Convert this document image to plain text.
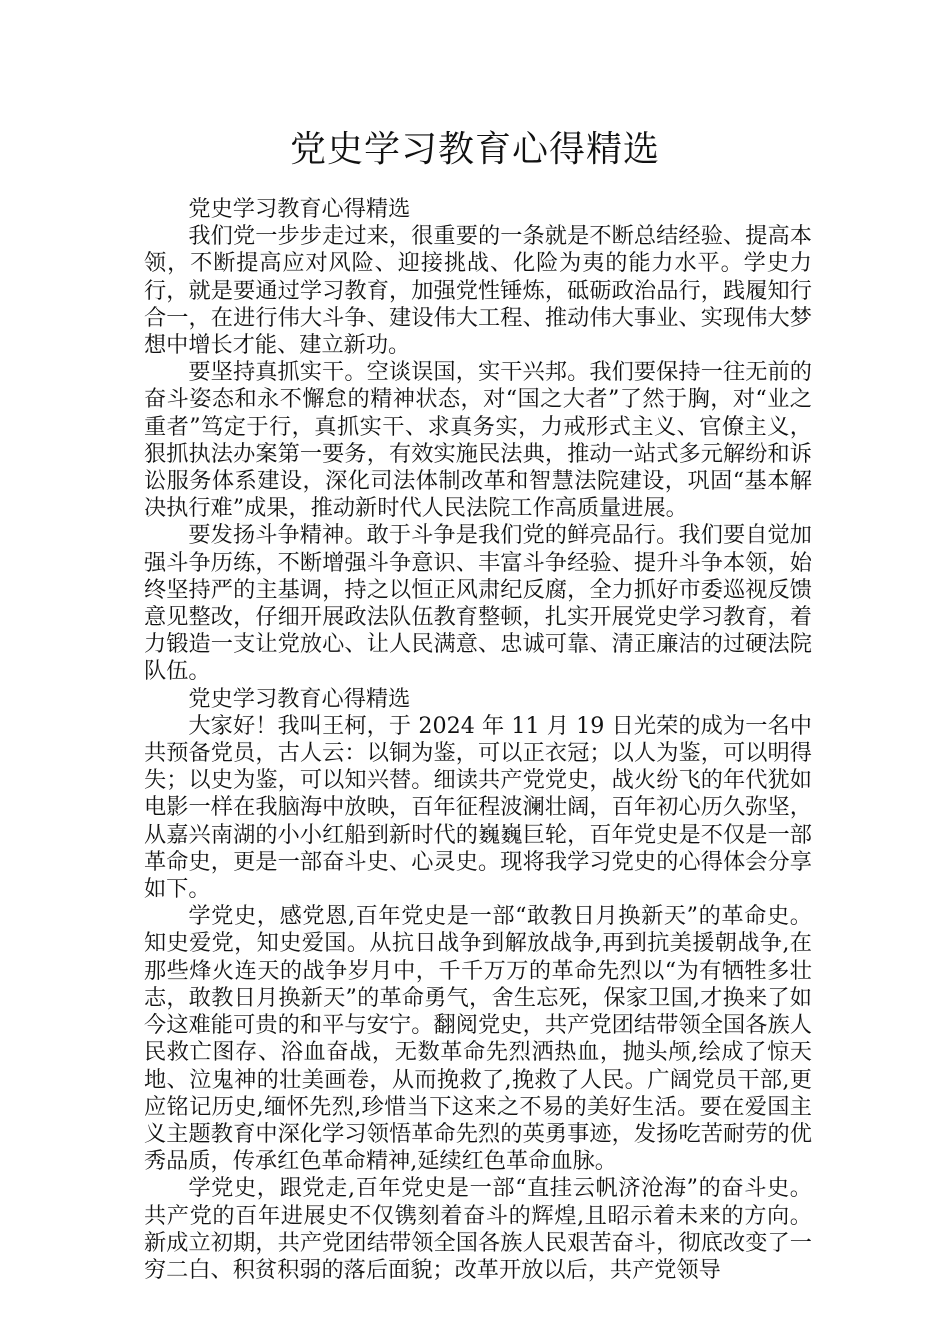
党史学习教育心得精选

党史学习教育心得精选

我们党一步步走过来，很重要的一条就是不断总结经验、提高本领，不断提高应对风险、迎接挑战、化险为夷的能力水平。学史力行，就是要通过学习教育，加强党性锤炼，砥砺政治品行，践履知行合一，在进行伟大斗争、建设伟大工程、推动伟大事业、实现伟大梦想中增长才能、建立新功。

要坚持真抓实干。空谈误国，实干兴邦。我们要保持一往无前的奋斗姿态和永不懈怠的精神状态，对“国之大者”了然于胸，对“业之重者”笃定于行，真抓实干、求真务实，力戒形式主义、官僚主义，狠抓执法办案第一要务，有效实施民法典，推动一站式多元解纷和诉讼服务体系建设，深化司法体制改革和智慧法院建设，巩固“基本解决执行难”成果，推动新时代人民法院工作高质量进展。

要发扬斗争精神。敢于斗争是我们党的鲜亮品行。我们要自觉加强斗争历练，不断增强斗争意识、丰富斗争经验、提升斗争本领，始终坚持严的主基调，持之以恒正风肃纪反腐，全力抓好市委巡视反馈意见整改，仔细开展政法队伍教育整顿，扎实开展党史学习教育，着力锻造一支让党放心、让人民满意、忠诚可靠、清正廉洁的过硬法院队伍。

党史学习教育心得精选

大家好！我叫王柯，于 2024 年 11 月 19 日光荣的成为一名中共预备党员，古人云：以铜为鉴，可以正衣冠；以人为鉴，可以明得失；以史为鉴，可以知兴替。细读共产党党史，战火纷飞的年代犹如电影一样在我脑海中放映，百年征程波澜壮阔，百年初心历久弥坚，从嘉兴南湖的小小红船到新时代的巍巍巨轮，百年党史是不仅是一部革命史，更是一部奋斗史、心灵史。现将我学习党史的心得体会分享如下。

学党史，感党恩,百年党史是一部“敢教日月换新天”的革命史。知史爱党，知史爱国。从抗日战争到解放战争,再到抗美援朝战争,在那些烽火连天的战争岁月中，千千万万的革命先烈以“为有牺牲多壮志，敢教日月换新天”的革命勇气，舍生忘死，保家卫国,才换来了如今这难能可贵的和平与安宁。翻阅党史，共产党团结带领全国各族人民救亡图存、浴血奋战，无数革命先烈洒热血，抛头颅,绘成了惊天地、泣鬼神的壮美画卷，从而挽救了,挽救了人民。广阔党员干部,更应铭记历史,缅怀先烈,珍惜当下这来之不易的美好生活。要在爱国主义主题教育中深化学习领悟革命先烈的英勇事迹，发扬吃苦耐劳的优秀品质，传承红色革命精神,延续红色革命血脉。

学党史，跟党走,百年党史是一部“直挂云帆济沧海”的奋斗史。共产党的百年进展史不仅镌刻着奋斗的辉煌,且昭示着未来的方向。新成立初期，共产党团结带领全国各族人民艰苦奋斗，彻底改变了一穷二白、积贫积弱的落后面貌；改革开放以后，共产党领导
